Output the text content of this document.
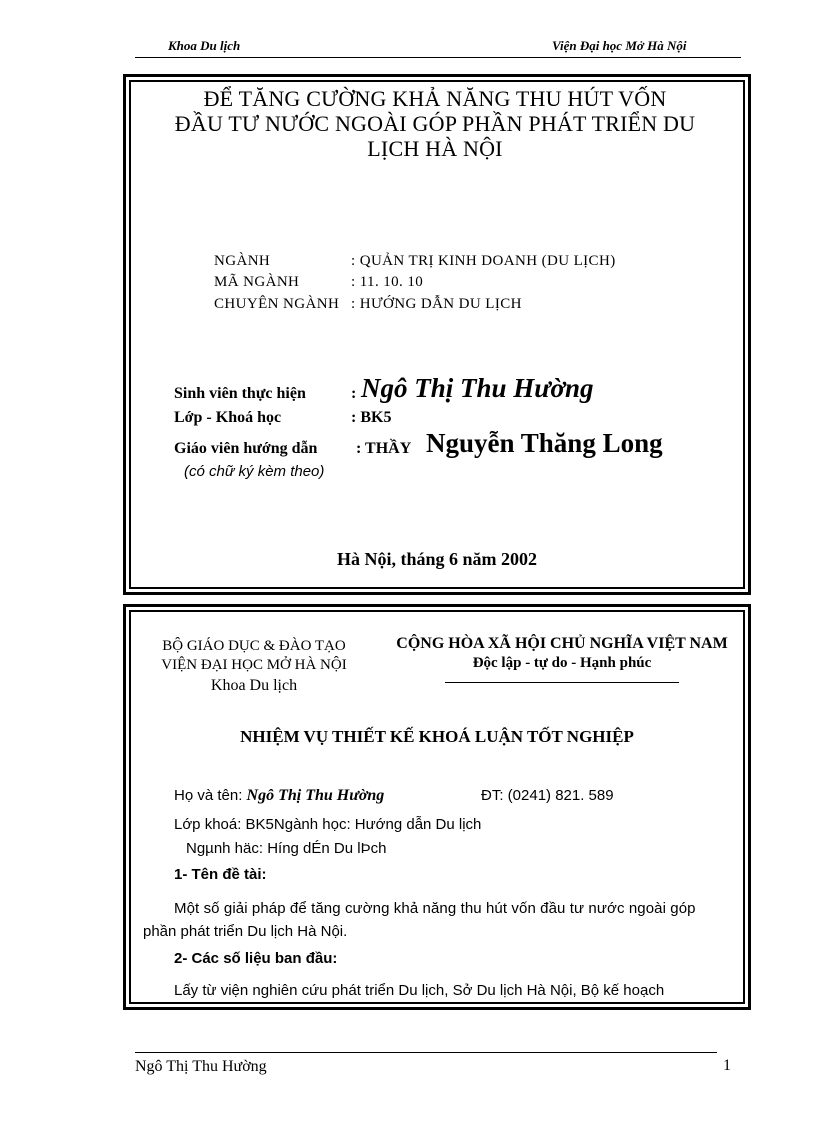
Khoa Du lịch	Viện Đại học Mở Hà Nội
ĐỂ TĂNG CƯỜNG KHẢ NĂNG THU HÚT VỐN
ĐẦU TƯ NƯỚC NGOÀI GÓP PHẦN PHÁT TRIỂN DU
LỊCH HÀ NỘI
NGÀNH	: QUẢN TRỊ KINH DOANH (DU LỊCH)
MÃ NGÀNH	: 11. 10. 10
CHUYÊN NGÀNH : HƯỚNG DẪN DU LỊCH
Sinh viên thực hiện	: Ngô Thị Thu Hường
Lớp - Khoá học	: BK5
Giáo viên hướng dẫn : THẦY Nguyễn Thăng Long
(có chữ ký kèm theo)
Hà Nội, tháng 6 năm 2002
BỘ GIÁO DỤC & ĐÀO TẠO
VIỆN ĐẠI HỌC MỞ HÀ NỘI
Khoa Du lịch
CỘNG HÒA XÃ HỘI CHỦ NGHĨA VIỆT NAM
Độc lập - tự do - Hạnh phúc
NHIỆM VỤ THIẾT KẾ KHOÁ LUẬN TỐT NGHIỆP
Họ và tên: Ngô Thị Thu Hường	ĐT: (0241) 821. 589
Lớp khoá: BK5Ngành học: Hướng dẫn Du lịch
Ngµnh häc: Híng dÉn Du lÞch
1- Tên đề tài:
Một số giải pháp để tăng cường khả năng thu hút vốn đầu tư nước ngoài góp
phần phát triển Du lịch Hà Nội.
2- Các số liệu ban đầu:
Lấy từ viện nghiên cứu phát triển Du lịch, Sở Du lịch Hà Nội, Bộ kế hoạch
Ngô Thị Thu Hường	1
